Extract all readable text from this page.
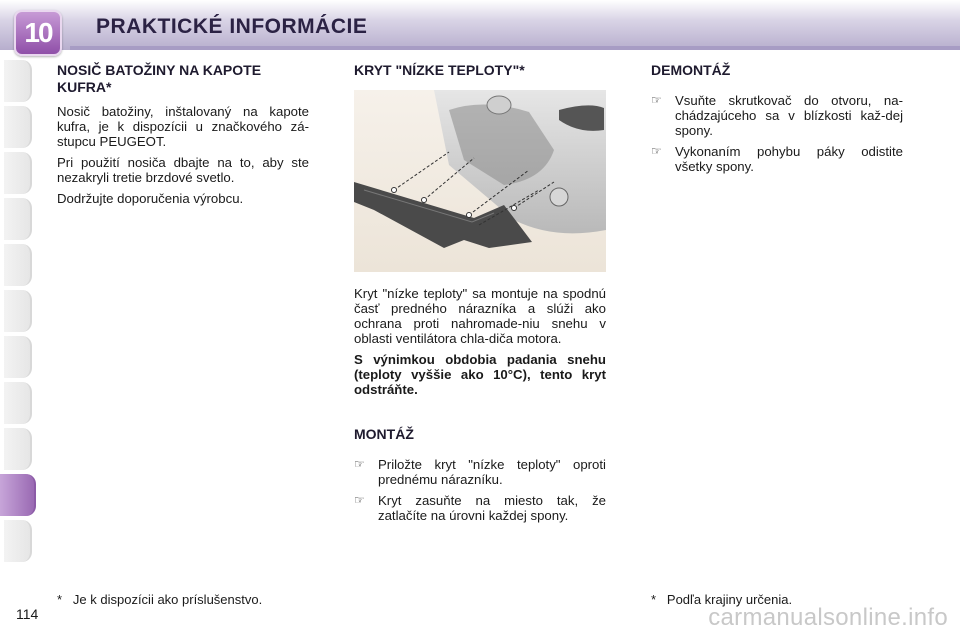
10	PRAKTICKÉ INFORMÁCIE
NOSIČ BATOŽINY NA KAPOTE KUFRA*

Nosič batožiny, inštalovaný na kapote kufra, je k dispozícii u značkového zá-stupcu PEUGEOT.

Pri použití nosiča dbajte na to, aby ste nezakryli tretie brzdové svetlo.

Dodržujte doporučenia výrobcu.

KRYT "NÍZKE TEPLOTY"*

Kryt "nízke teploty" sa montuje na spodnú časť predného nárazníka a slúži ako ochrana proti nahromade-niu snehu v oblasti ventilátora chla-diča motora.

S výnimkou obdobia padania snehu (teploty vyššie ako 10°C), tento kryt odstráňte.

MONTÁŽ
☞ Priložte kryt "nízke teploty" oproti prednému nárazníku.
☞ Kryt zasuňte na miesto tak, že zatlačíte na úrovni každej spony.
DEMONTÁŽ
☞ Vsuňte skrutkovač do otvoru, na-chádzajúceho sa v blízkosti kaž-dej spony.
☞ Vykonaním pohybu páky odistite všetky spony.
* Je k dispozícii ako príslušenstvo.	* Podľa krajiny určenia.
114	carmanualsonline.info
